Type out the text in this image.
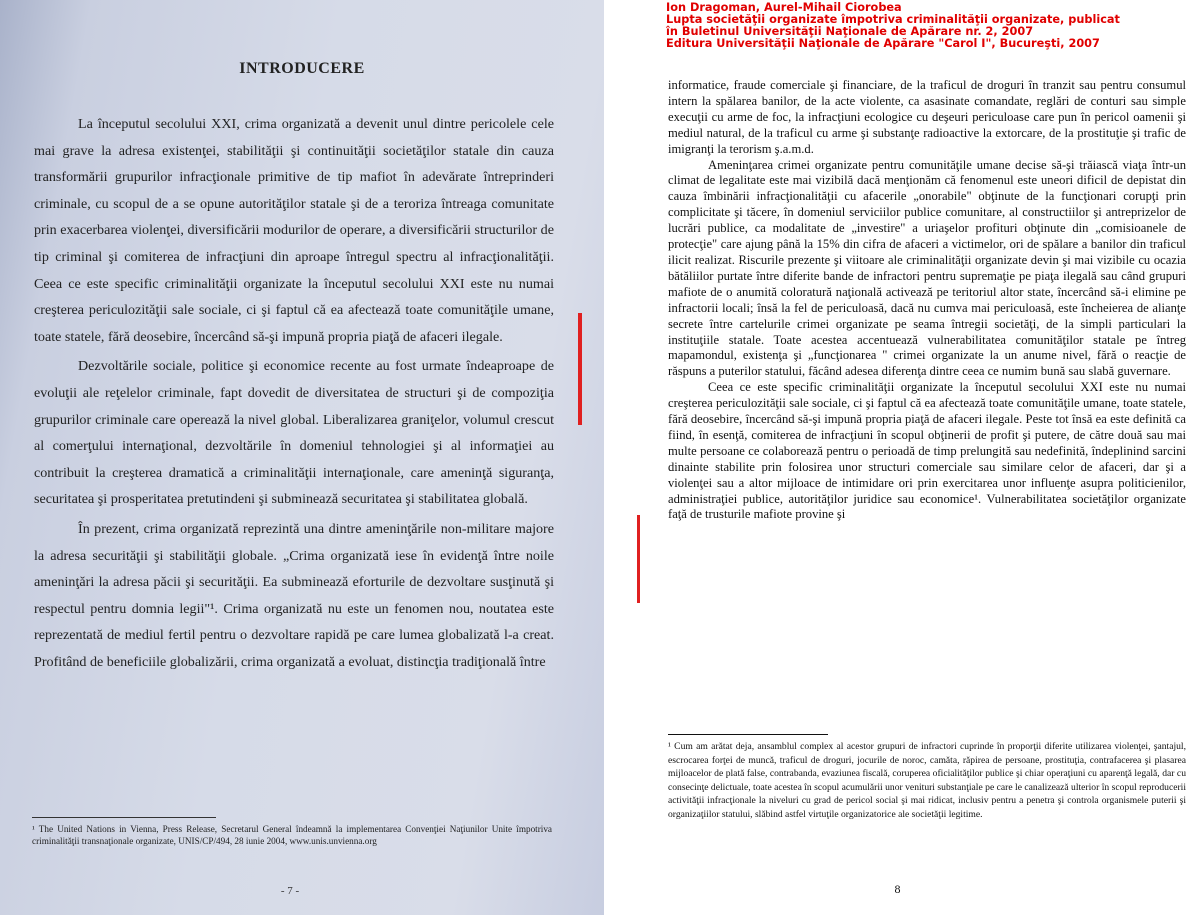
INTRODUCERE

La începutul secolului XXI, crima organizată a devenit unul dintre pericolele cele mai grave la adresa existenţei, stabilităţii şi continuităţii societăţilor statale din cauza transformării grupurilor infracţionale primitive de tip mafiot în adevărate întreprinderi criminale, cu scopul de a se opune autorităţilor statale şi de a teroriza întreaga comunitate prin exacerbarea violenţei, diversificării modurilor de operare, a diversificării structurilor de tip criminal şi comiterea de infracţiuni din aproape întregul spectru al infracţionalităţii. Ceea ce este specific criminalităţii organizate la începutul secolului XXI este nu numai creşterea periculozităţii sale sociale, ci şi faptul că ea afectează toate comunităţile umane, toate statele, fără deosebire, încercând să-şi impună propria piaţă de afaceri ilegale.

Dezvoltările sociale, politice şi economice recente au fost urmate îndeaproape de evoluţii ale reţelelor criminale, fapt dovedit de diversitatea de structuri şi de compoziţia grupurilor criminale care operează la nivel global. Liberalizarea graniţelor, volumul crescut al comerţului internaţional, dezvoltările în domeniul tehnologiei şi al informaţiei au contribuit la creşterea dramatică a criminalităţii internaţionale, care ameninţă siguranţa, securitatea şi prosperitatea pretutindeni şi subminează securitatea şi stabilitatea globală.

În prezent, crima organizată reprezintă una dintre ameninţările non-militare majore la adresa securităţii şi stabilităţii globale. „Crima organizată iese în evidenţă între noile ameninţări la adresa păcii şi securităţii. Ea subminează eforturile de dezvoltare susţinută şi respectul pentru domnia legii"¹. Crima organizată nu este un fenomen nou, noutatea este reprezentată de mediul fertil pentru o dezvoltare rapidă pe care lumea globalizată l-a creat. Profitând de beneficiile globalizării, crima organizată a evoluat, distincţia tradiţională între

¹ The United Nations in Vienna, Press Release, Secretarul General îndeamnă la implementarea Convenţiei Naţiunilor Unite împotriva criminalităţii transnaţionale organizate, UNIS/CP/494, 28 iunie 2004, www.unis.unvienna.org
- 7 -
Ion Dragoman, Aurel-Mihail Ciorobea
Lupta societăţii organizate împotriva criminalităţii organizate, publicat
în Buletinul Universităţii Naţionale de Apărare nr. 2, 2007
Editura Universităţii Naţionale de Apărare "Carol I", Bucureşti, 2007

informatice, fraude comerciale şi financiare, de la traficul de droguri în tranzit sau pentru consumul intern la spălarea banilor, de la acte violente, ca asasinate comandate, reglări de conturi sau simple execuţii cu arme de foc, la infracţiuni ecologice cu deşeuri periculoase care pun în pericol oamenii şi mediul natural, de la traficul cu arme şi substanţe radioactive la extorcare, de la prostituţie şi trafic de imigranţi la terorism ş.a.m.d.

Ameninţarea crimei organizate pentru comunităţile umane decise să-şi trăiască viaţa într-un climat de legalitate este mai vizibilă dacă menţionăm că fenomenul este uneori dificil de depistat din cauza îmbinării infracţionalităţii cu afacerile „onorabile" obţinute de la funcţionari corupţi prin complicitate şi tăcere, în domeniul serviciilor publice comunitare, al constructiilor şi antreprizelor de lucrări publice, ca modalitate de „investire" a uriaşelor profituri obţinute din „comisioanele de protecţie" care ajung până la 15% din cifra de afaceri a victimelor, ori de spălare a banilor din traficul ilicit realizat. Riscurile prezente şi viitoare ale criminalităţii organizate devin şi mai vizibile cu ocazia bătăliilor purtate între diferite bande de infractori pentru supremaţie pe piaţa ilegală sau când grupuri mafiote de o anumită coloratură naţională activează pe teritoriul altor state, încercând să-i elimine pe infractorii locali; însă la fel de periculoasă, dacă nu cumva mai periculoasă, este încheierea de alianţe secrete între cartelurile crimei organizate pe seama întregii societăţi, de la simpli particulari la instituţiile statale. Toate acestea accentuează vulnerabilitatea comunităţilor statale pe întreg mapamondul, existenţa şi „funcţionarea " crimei organizate la un anume nivel, fără o reacţie de răspuns a puterilor statului, făcând adesea diferenţa dintre ceea ce numim bună sau slabă guvernare.

Ceea ce este specific criminalităţii organizate la începutul secolului XXI este nu numai creşterea periculozităţii sale sociale, ci şi faptul că ea afectează toate comunităţile umane, toate statele, fără deosebire, încercând să-şi impună propria piaţă de afaceri ilegale. Peste tot însă ea este definită ca fiind, în esenţă, comiterea de infracţiuni în scopul obţinerii de profit şi putere, de către două sau mai multe persoane ce colaborează pentru o perioadă de timp prelungită sau nedefinită, îndeplinind sarcini dinainte stabilite prin folosirea unor structuri comerciale sau similare celor de afaceri, dar şi a violenţei sau a altor mijloace de intimidare ori prin exercitarea unor influenţe asupra politicienilor, administraţiei publice, autorităţilor juridice sau economice¹. Vulnerabilitatea societăţilor organizate faţă de trusturile mafiote provine şi

¹ Cum am arătat deja, ansamblul complex al acestor grupuri de infractori cuprinde în proporţii diferite utilizarea violenţei, şantajul, escrocarea forţei de muncă, traficul de droguri, jocurile de noroc, camăta, răpirea de persoane, prostituţia, contrafacerea şi plasarea mijloacelor de plată false, contrabanda, evaziunea fiscală, coruperea oficialităţilor publice şi chiar operaţiuni cu aparenţă legală, dar cu consecinţe delictuale, toate acestea în scopul acumulării unor venituri substanţiale pe care le canalizează ulterior în scopul reproducerii activităţii infracţionale la niveluri cu grad de pericol social şi mai ridicat, inclusiv pentru a penetra şi controla organismele puterii şi organizaţiilor statului, slăbind astfel virtuţile organizatorice ale societăţii legitime.
8
